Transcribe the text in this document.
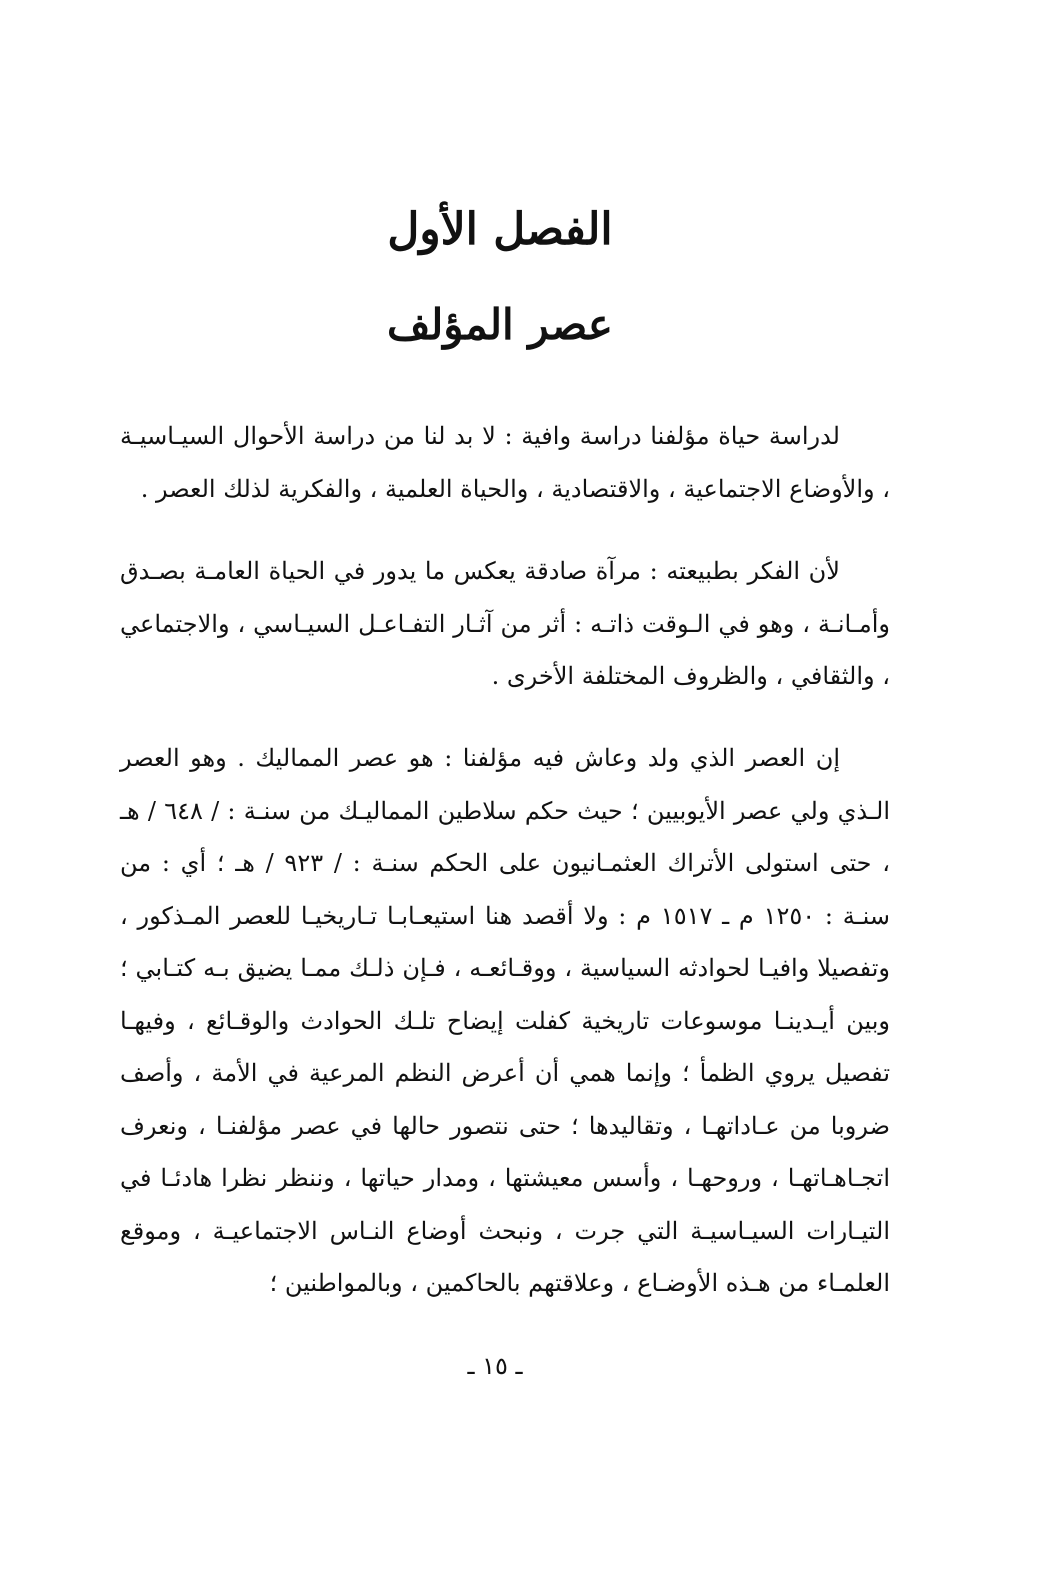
الفصل الأول
عصر المؤلف

لدراسة حياة مؤلفنا دراسة وافية : لا بد لنا من دراسة الأحوال السيـاسيـة ، والأوضاع الاجتماعية ، والاقتصادية ، والحياة العلمية ، والفكرية لذلك العصر .

لأن الفكر بطبيعته : مرآة صادقة يعكس ما يدور في الحياة العامـة بصـدق وأمـانـة ، وهو في الـوقت ذاتـه : أثر من آثـار التفـاعـل السيـاسي ، والاجتماعي ، والثقافي ، والظروف المختلفة الأخرى .

إن العصر الذي ولد وعاش فيه مؤلفنا : هو عصر المماليك . وهو العصر الـذي ولي عصر الأيوبيين ؛ حيث حكم سلاطين المماليـك من سنـة : / ٦٤٨ / هـ ، حتى استولى الأتراك العثمـانيون على الحكم سنـة : / ٩٢٣ / هـ ؛ أي : من سنـة : ١٢٥٠ م ـ ١٥١٧ م : ولا أقصد هنا استيعـابـا تـاريخيـا للعصر المـذكور ، وتفصيلا وافيـا لحوادثه السياسية ، ووقـائعـه ، فـإن ذلـك ممـا يضيق بـه كتـابي ؛ وبين أيـدينـا موسوعات تاريخية كفلت إيضاح تلـك الحوادث والوقـائع ، وفيهـا تفصيل يروي الظمأ ؛ وإنما همي أن أعرض النظم المرعية في الأمة ، وأصف ضروبا من عـاداتهـا ، وتقاليدها ؛ حتى نتصور حالها في عصر مؤلفنـا ، ونعرف اتجـاهـاتهـا ، وروحهـا ، وأسس معيشتها ، ومدار حياتها ، وننظر نظرا هادئـا في التيـارات السيـاسيـة التي جرت ، ونبحث أوضاع النـاس الاجتماعيـة ، وموقع العلمـاء من هـذه الأوضـاع ، وعلاقتهم بالحاكمين ، وبالمواطنين ؛

ـ ١٥ ـ
